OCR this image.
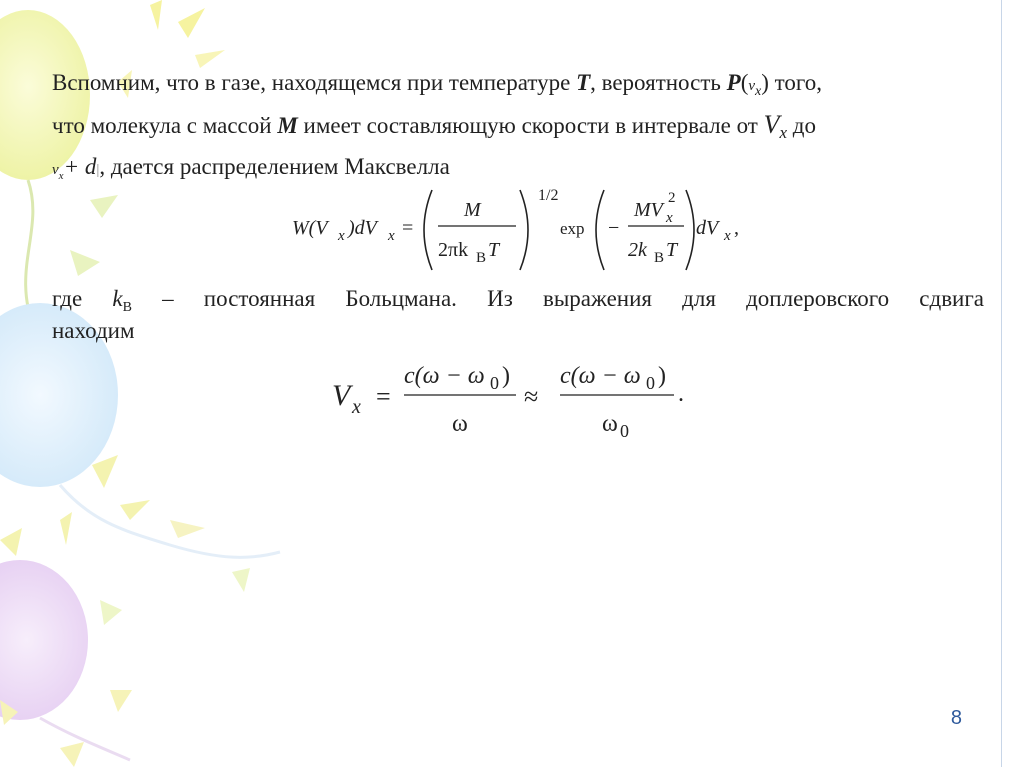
Вспомним, что в газе, находящемся при температуре T, вероятность $P(v_x)$ того,
что молекула с массой M имеет составляющую скорости в интервале от $V_x$ до
$v_x+ d|$, дается распределением Максвелла
W(V x )dV x =
M
2πk B T
1/2
exp −
MV x
2
2k B T
dV x ,
где $k_B$ – постоянная Больцмана. Из выражения для доплеровского сдвига
находим
V x =
c(ω − ω 0 )
ω
≈
c(ω − ω 0 )
ω 0
.
8
